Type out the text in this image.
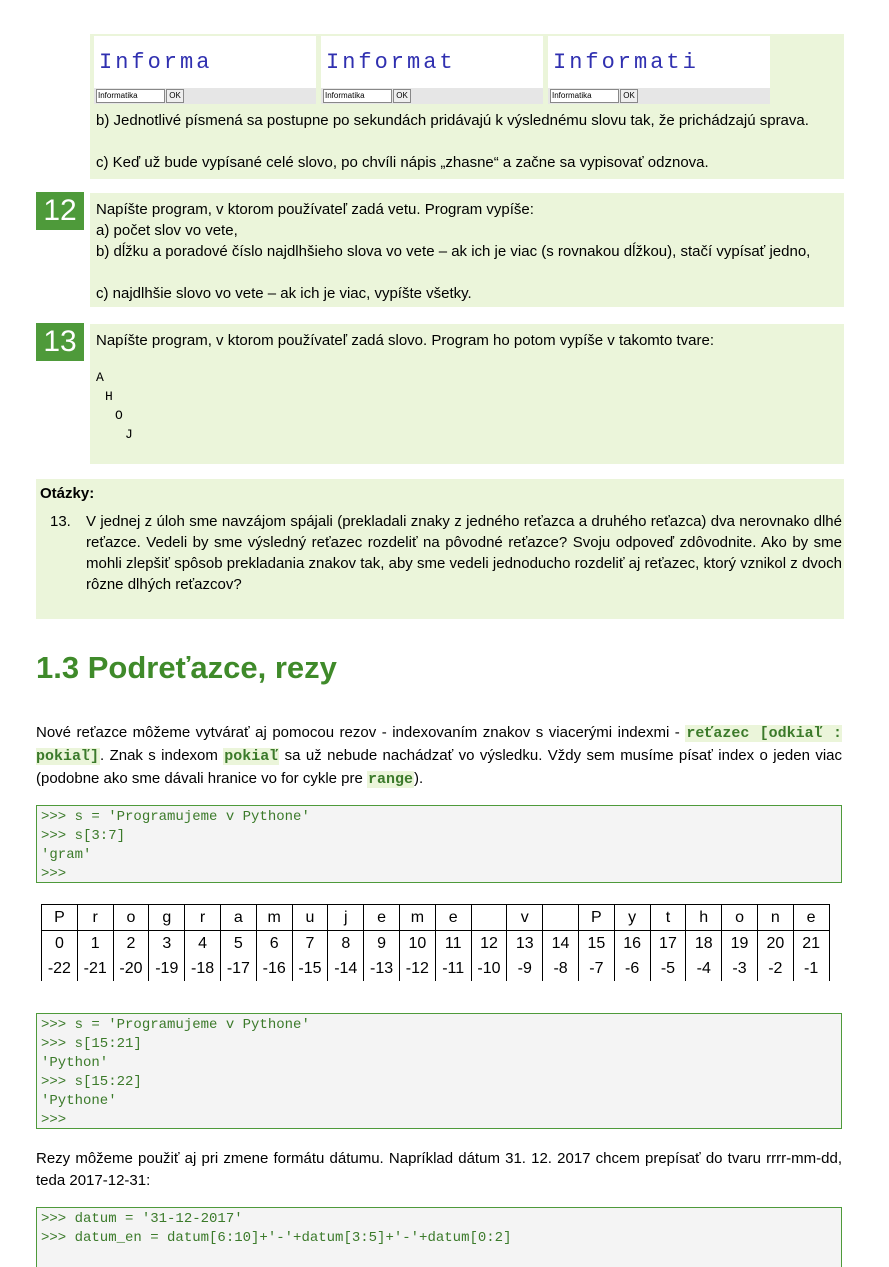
Informa
Informatika	OK
Informat
Informatika	OK
Informati
Informatika	OK
b) Jednotlivé písmená sa postupne po sekundách pridávajú k výslednému slovu tak, že prichádzajú sprava.
c) Keď už bude vypísané celé slovo, po chvíli nápis „zhasne“ a začne sa vypisovať odznova.
12	Napíšte program, v ktorom používateľ zadá vetu. Program vypíše:
a) počet slov vo vete,
b) dĺžku a poradové číslo najdlhšieho slova vo vete – ak ich je viac (s rovnakou dĺžkou), stačí vypísať jedno,
c) najdlhšie slovo vo vete – ak ich je viac, vypíšte všetky.
13	Napíšte program, v ktorom používateľ zadá slovo. Program ho potom vypíše v takomto tvare:
A
H
O
J
Otázky:
13. V jednej z úloh sme navzájom spájali (prekladali znaky z jedného reťazca a druhého reťazca) dva nerovnako dlhé reťazce. Vedeli by sme výsledný reťazec rozdeliť na pôvodné reťazce? Svoju odpoveď zdôvodnite. Ako by sme mohli zlepšiť spôsob prekladania znakov tak, aby sme vedeli jednoducho rozdeliť aj reťazec, ktorý vznikol z dvoch rôzne dlhých reťazcov?
1.3 Podreťazce, rezy
Nové reťazce môžeme vytvárať aj pomocou rezov - indexovaním znakov s viacerými indexmi - reťazec [odkiaľ : pokiaľ]. Znak s indexom pokiaľ sa už nebude nachádzať vo výsledku. Vždy sem musíme písať index o jeden viac (podobne ako sme dávali hranice vo for cykle pre range).
>>> s = 'Programujeme v Pythone'
>>> s[3:7]
'gram'
>>>
P	r	o	g	r	a	m	u	j	e	m	e		v		P	y	t	h	o	n	e
0	1	2	3	4	5	6	7	8	9	10	11	12	13	14	15	16	17	18	19	20	21
-22	-21	-20	-19	-18	-17	-16	-15	-14	-13	-12	-11	-10	-9	-8	-7	-6	-5	-4	-3	-2	-1
>>> s = 'Programujeme v Pythone'
>>> s[15:21]
'Python'
>>> s[15:22]
'Pythone'
>>>
Rezy môžeme použiť aj pri zmene formátu dátumu. Napríklad dátum 31. 12. 2017 chcem prepísať do tvaru rrrr-mm-dd, teda 2017-12-31:
>>> datum = '31-12-2017'
>>> datum_en = datum[6:10]+'-'+datum[3:5]+'-'+datum[0:2]
